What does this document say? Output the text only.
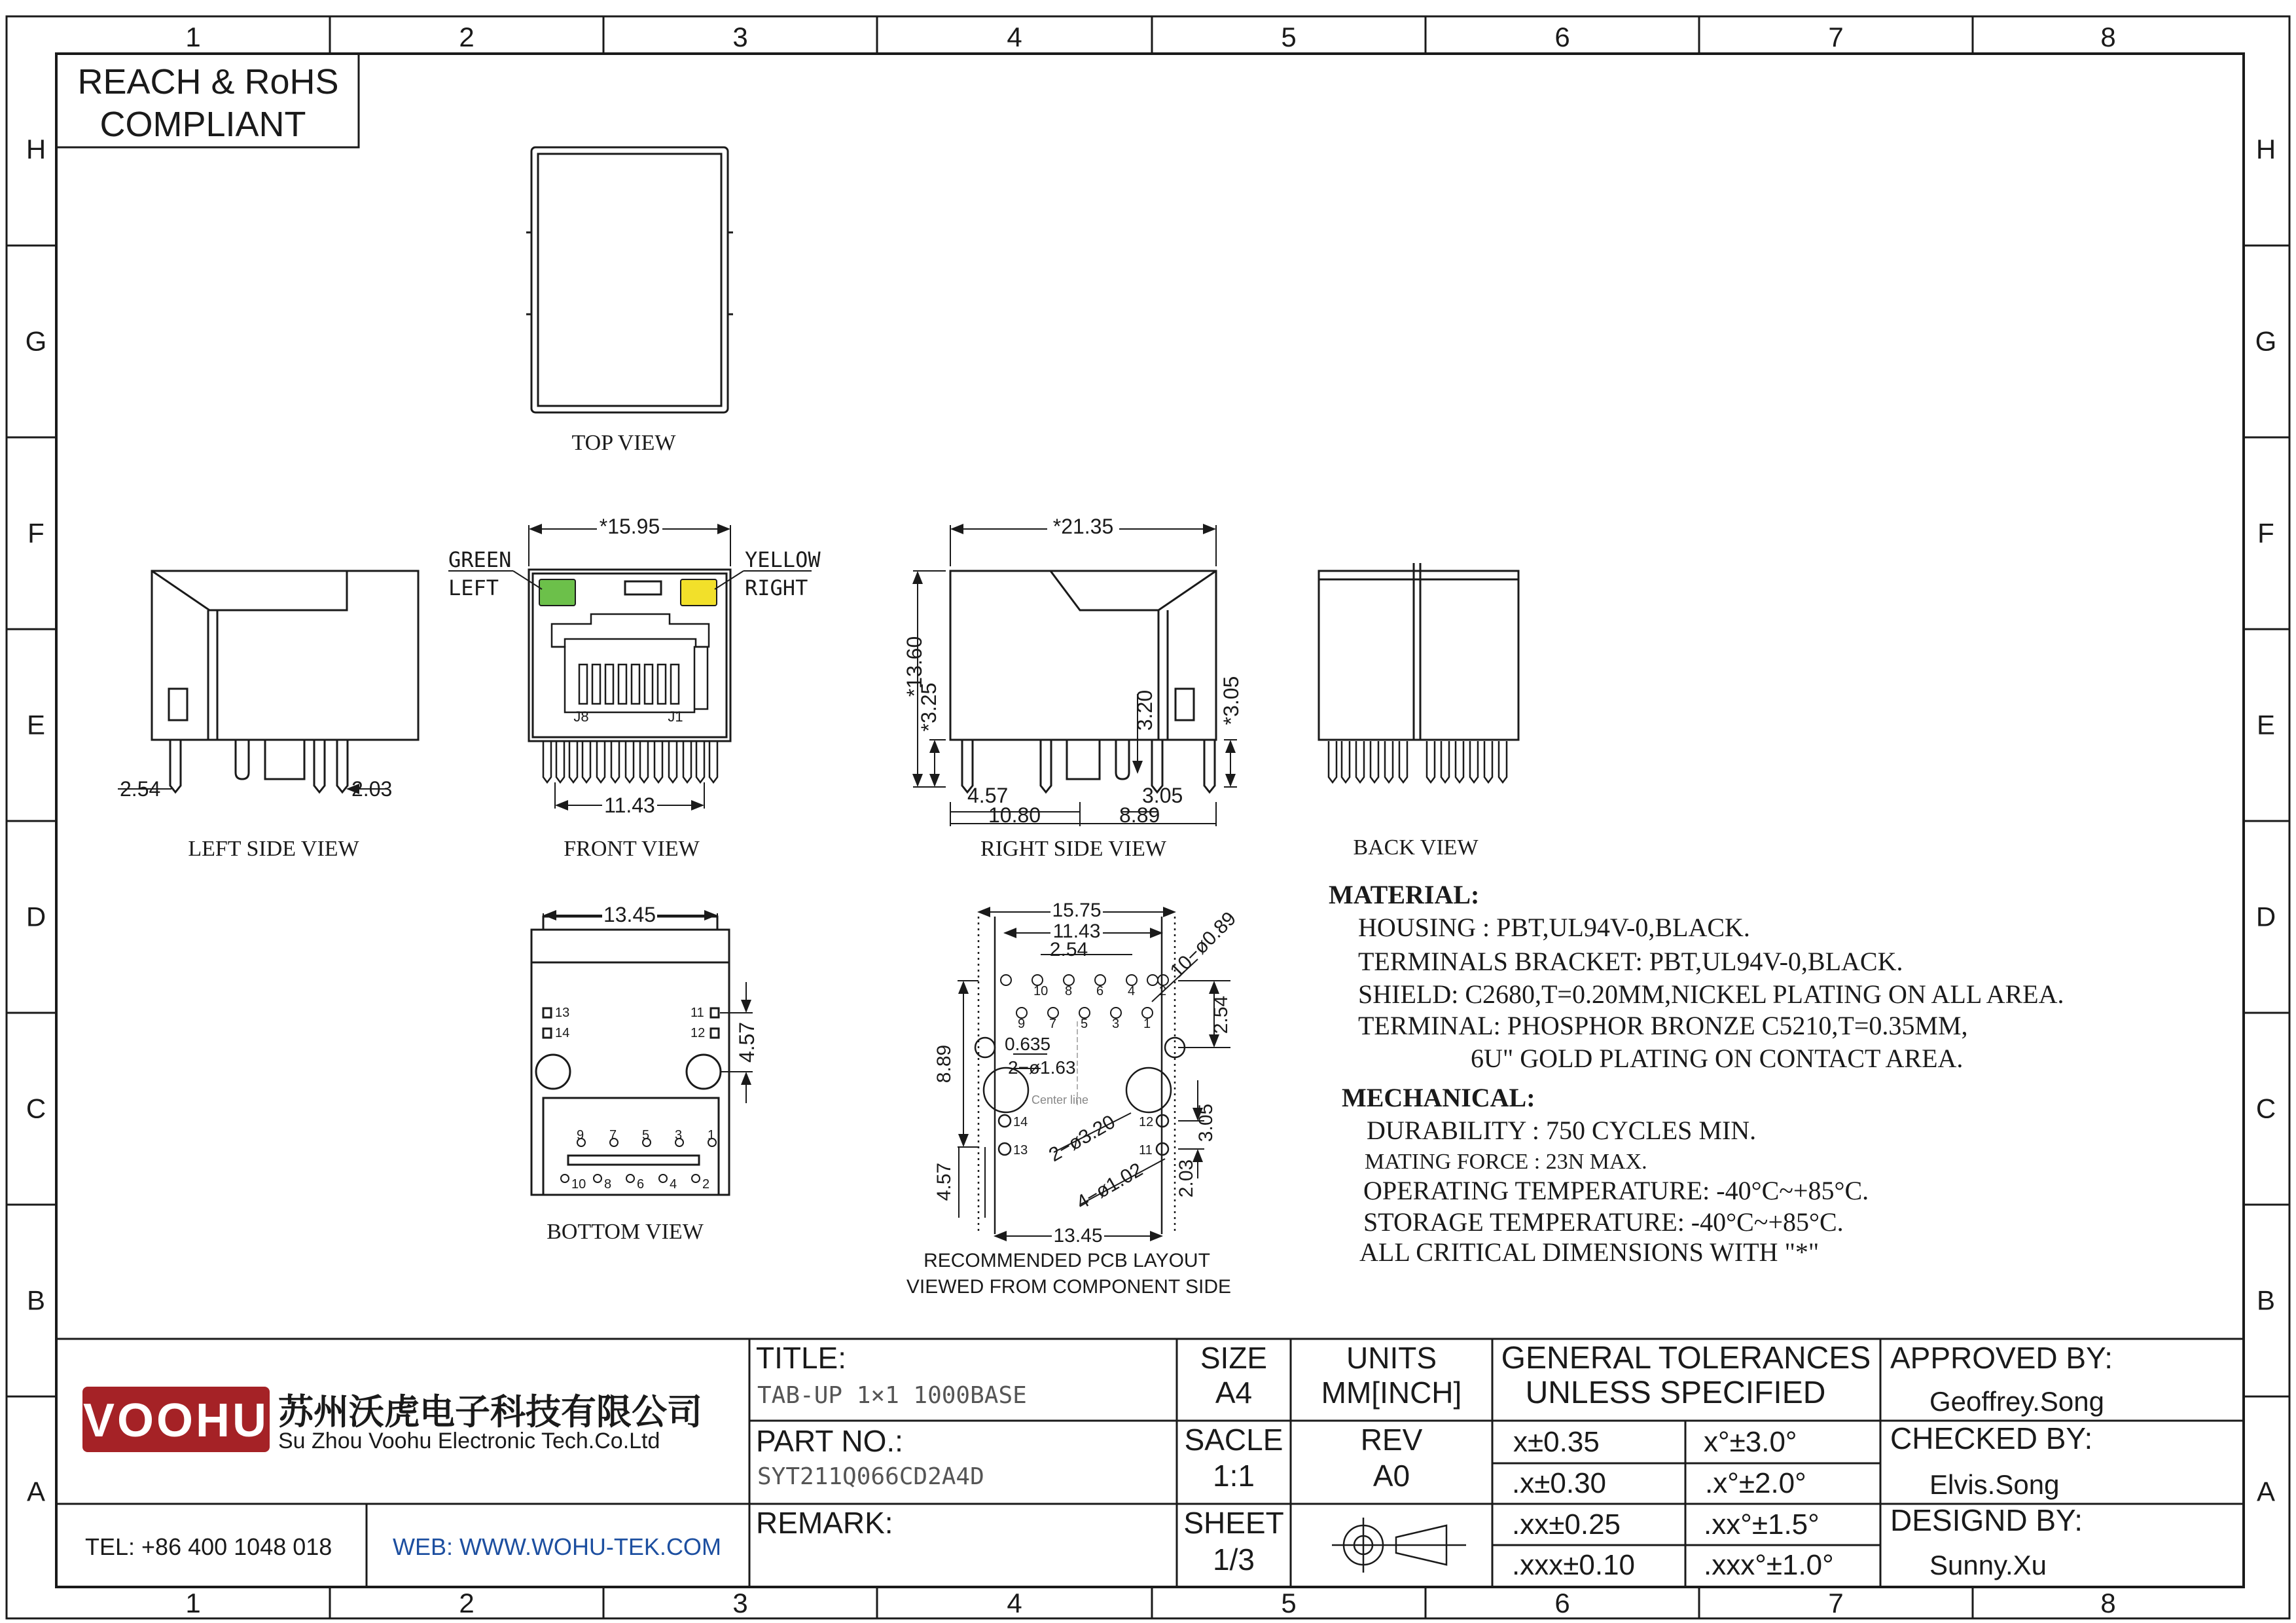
1
1
2
2
3
3
4
4
5
5
6
6
7
7
8
8
H	H
G	G
F	F
E	E
D	D
C	C
B	B
A	A
REACH & RoHS
COMPLIANT
TOP VIEW
2.54	2.03
LEFT SIDE VIEW
J8	J1
GREEN
LEFT
YELLOW
RIGHT
*15.95
11.43
FRONT VIEW
*21.35
*13.60
*3.25	3.20	*3.05
4.57
10.80	8.89
3.05
RIGHT SIDE VIEW	BACK VIEW
10 8 6 4 2
9 7 5 3 1
13
14
11
12
13.45
4.57
BOTTOM VIEW
10 8 6 4 2
9 7 5 3 1
14
13
12
11
15.75
11.43
2.54	10−ø0.89
8.89
0.635
2−ø1.63
Center line
2−ø3.20
4−ø1.02
2.54
3.05
2.03
4.57
13.45
RECOMMENDED PCB LAYOUT
VIEWED FROM COMPONENT SIDE
MATERIAL:
HOUSING : PBT,UL94V-0,BLACK.
TERMINALS BRACKET: PBT,UL94V-0,BLACK.
SHIELD: C2680,T=0.20MM,NICKEL PLATING ON ALL AREA.
TERMINAL: PHOSPHOR BRONZE C5210,T=0.35MM,
6U" GOLD PLATING ON CONTACT AREA.
MECHANICAL:
DURABILITY : 750 CYCLES MIN.
MATING FORCE : 23N MAX.
OPERATING TEMPERATURE: -40°C~+85°C.
STORAGE TEMPERATURE: -40°C~+85°C.
ALL CRITICAL DIMENSIONS WITH "*"
VOOHU 苏州沃虎电子科技有限公司
Su Zhou Voohu Electronic Tech.Co.Ltd
TEL: +86 400 1048 018	WEB: WWW.WOHU-TEK.COM
TITLE:
TAB-UP 1×1 1000BASE
PART NO.:
SYT211Q066CD2A4D
REMARK:
SIZE
A4
UNITS
MM[INCH]
SACLE
1:1
REV
A0
SHEET
1/3
GENERAL TOLERANCES
UNLESS SPECIFIED
x±0.35	x°±3.0°
.x±0.30	.x°±2.0°
.xx±0.25	.xx°±1.5°
.xxx±0.10 .xxx°±1.0°
APPROVED BY:
Geoffrey.Song
CHECKED BY:
Elvis.Song
DESIGND BY:
Sunny.Xu
